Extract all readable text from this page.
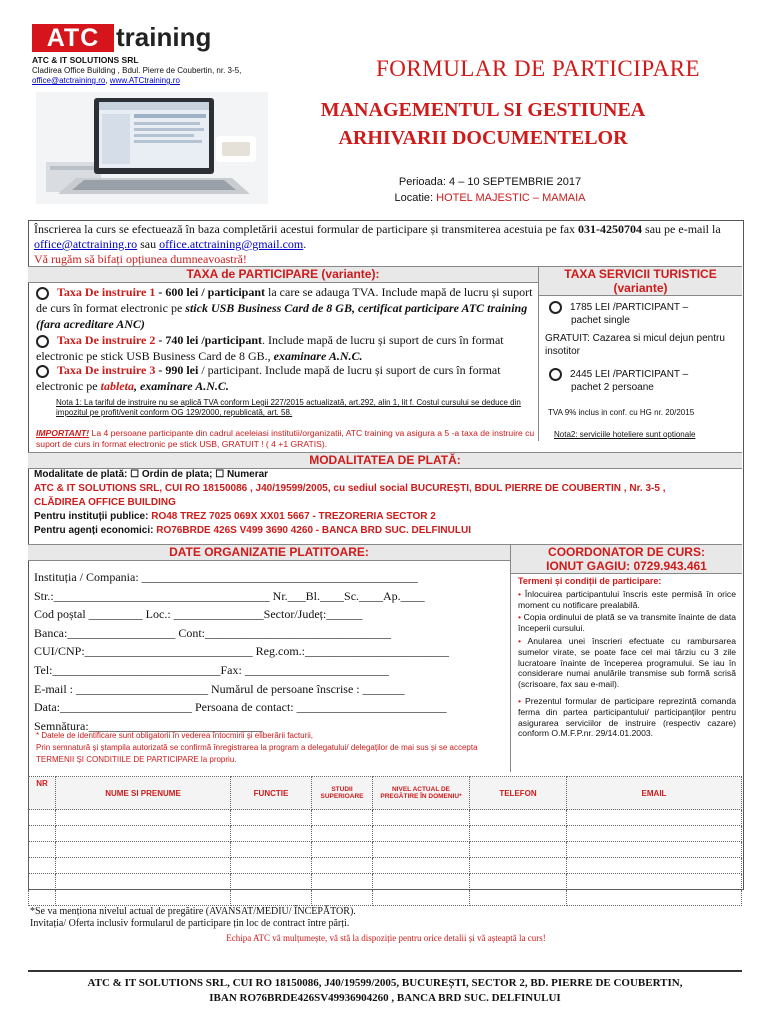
ATC training
ATC & IT SOLUTIONS SRL
Cladirea Office Building , Bdul. Pierre de Coubertin, nr. 3-5,
office@atctraining.ro, www.ATCtraining.ro	FORMULAR DE PARTICIPARE
MANAGEMENTUL SI GESTIUNEA
ARHIVARII DOCUMENTELOR
Perioada: 4 – 10 SEPTEMBRIE 2017
Locatie: HOTEL MAJESTIC – MAMAIA
Înscrierea la curs se efectuează în baza completării acestui formular de participare și transmiterea acestuia pe fax 031-4250704 sau pe e-mail la office@atctraining.ro sau office.atctraining@gmail.com.
Vă rugăm să bifați opțiunea dumneavoastră!
TAXA de PARTICIPARE (variante):	TAXA SERVICII TURISTICE
(variante)
Taxa De instruire 1 - 600 lei / participant la care se adauga TVA. Include mapă de lucru și suport de curs în format electronic pe stick USB Business Card de 8 GB, certificat participare ATC training (fara acreditare ANC)
Taxa De instruire 2 - 740 lei /participant. Include mapă de lucru și suport de curs în format electronic pe stick USB Business Card de 8 GB., examinare A.N.C.
Taxa De instruire 3 - 990 lei / participant. Include mapă de lucru și suport de curs în format electronic pe tableta, examinare A.N.C.
Nota 1: La tariful de instruire nu se aplică TVA conform Legii 227/2015 actualizată, art.292, alin 1, lit f. Costul cursului se deduce din impozitul pe profit/venit conform OG 129/2000, republicată, art. 58.
IMPORTANT! La 4 persoane participante din cadrul aceleiasi institutii/organizatii, ATC training va asigura a 5 -a taxa de instruire cu suport de curs in format electronic pe stick USB, GRATUIT ! ( 4 +1 GRATIS).
1785 LEI /PARTICIPANT –
pachet single
GRATUIT: Cazarea si micul dejun pentru insotitor
2445 LEI /PARTICIPANT –
pachet 2 persoane
TVA 9% inclus in conf. cu HG nr. 20/2015
Nota2: serviciile hoteliere sunt optionale
MODALITATEA DE PLATĂ:
Modalitate de plată: ☐ Ordin de plata; ☐ Numerar
ATC & IT SOLUTIONS SRL, CUI RO 18150086 , J40/19599/2005, cu sediul social BUCUREȘTI, BDUL PIERRE DE COUBERTIN , Nr. 3-5 ,
CLĂDIREA OFFICE BUILDING
Pentru instituții publice: RO48 TREZ 7025 069X XX01 5667 - TREZORERIA SECTOR 2
Pentru agenți economici: RO76BRDE 426S V499 3690 4260 - BANCA BRD SUC. DELFINULUI
DATE ORGANIZATIE PLATITOARE:	COORDONATOR DE CURS:
IONUT GAGIU: 0729.943.461
Instituția / Compania: ______________________________________________
Str.:____________________________________ Nr.___Bl.____Sc.____Ap.____
Cod poștal _________ Loc.: _______________Sector/Județ:______
Banca:__________________ Cont:_______________________________
CUI/CNP:____________________________ Reg.com.:________________________
Tel:____________________________Fax: ________________________
E-mail : ______________________ Numărul de persoane înscrise : _______
Data:______________________ Persoana de contact: _________________________
Semnătura:_____________________________
* Datele de identificare sunt obligatorii în vederea întocmirii și eliberării facturii,
Prin semnatură și ștampila autorizată se confirmă înregistrarea la program a delegatului/ delegaților de mai sus și se accepta TERMENII ȘI CONDITIILE DE PARTICIPARE la propriu.
Termeni și condiții de participare:
• Înlocuirea participantului înscris este permisă în orice moment cu notificare prealabilă.
• Copia ordinului de plată se va transmite înainte de data începerii cursului.
• Anularea unei înscrieri efectuate cu rambursarea sumelor virate, se poate face cel mai târziu cu 3 zile lucratoare înainte de începerea programului. Se iau în considerare numai anulările transmise sub formă scrisă (scrisoare, fax sau e-mail).
• Prezentul formular de participare reprezintă comanda ferma din partea participantului/ participanților pentru asigurarea serviciilor de instruire (respectiv cazare) conform O.M.F.P.nr. 29/14.01.2003.
NR	NUME SI PRENUME	FUNCTIE	STUDII SUPERIOARE	NIVEL ACTUAL DE PREGĂTIRE ÎN DOMENIU*	TELEFON	EMAIL

*Se va menționa nivelul actual de pregătire (AVANSAT/MEDIU/ ÎNCEPĂTOR).
Invitația/ Oferta inclusiv formularul de participare țin loc de contract între părți.
Echipa ATC vă mulțumește, vă stă la dispoziție pentru orice detalii și vă așteaptă la curs!
ATC & IT SOLUTIONS SRL, CUI RO 18150086, J40/19599/2005, BUCUREȘTI, SECTOR 2, BD. PIERRE DE COUBERTIN,
IBAN RO76BRDE426SV49936904260 , BANCA BRD SUC. DELFINULUI
